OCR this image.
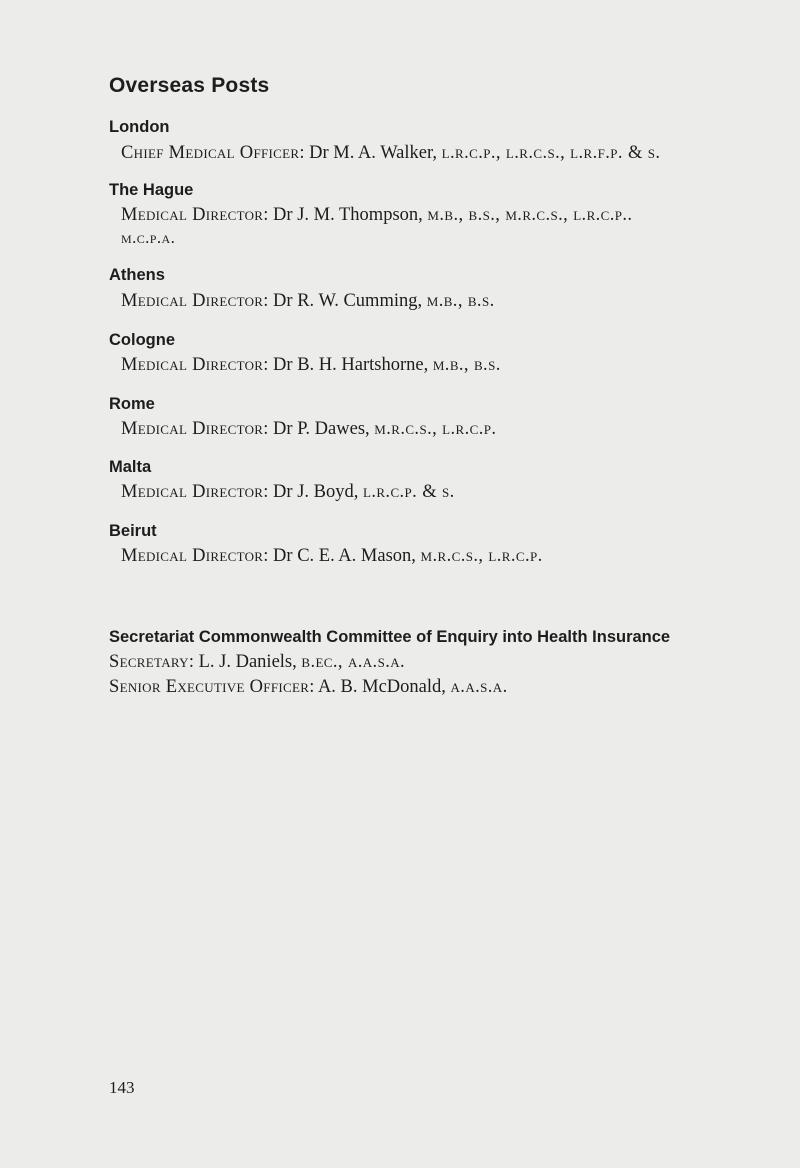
Overseas Posts
London
Chief Medical Officer: Dr M. A. Walker, l.r.c.p., l.r.c.s., l.r.f.p. & s.
The Hague
Medical Director: Dr J. M. Thompson, m.b., b.s., m.r.c.s., l.r.c.p..
m.c.p.a.
Athens
Medical Director: Dr R. W. Cumming, m.b., b.s.
Cologne
Medical Director: Dr B. H. Hartshorne, m.b., b.s.
Rome
Medical Director: Dr P. Dawes, m.r.c.s., l.r.c.p.
Malta
Medical Director: Dr J. Boyd, l.r.c.p. & s.
Beirut
Medical Director: Dr C. E. A. Mason, m.r.c.s., l.r.c.p.
Secretariat Commonwealth Committee of Enquiry into Health Insurance
Secretary: L. J. Daniels, b.ec., a.a.s.a.
Senior Executive Officer: A. B. McDonald, a.a.s.a.
143
